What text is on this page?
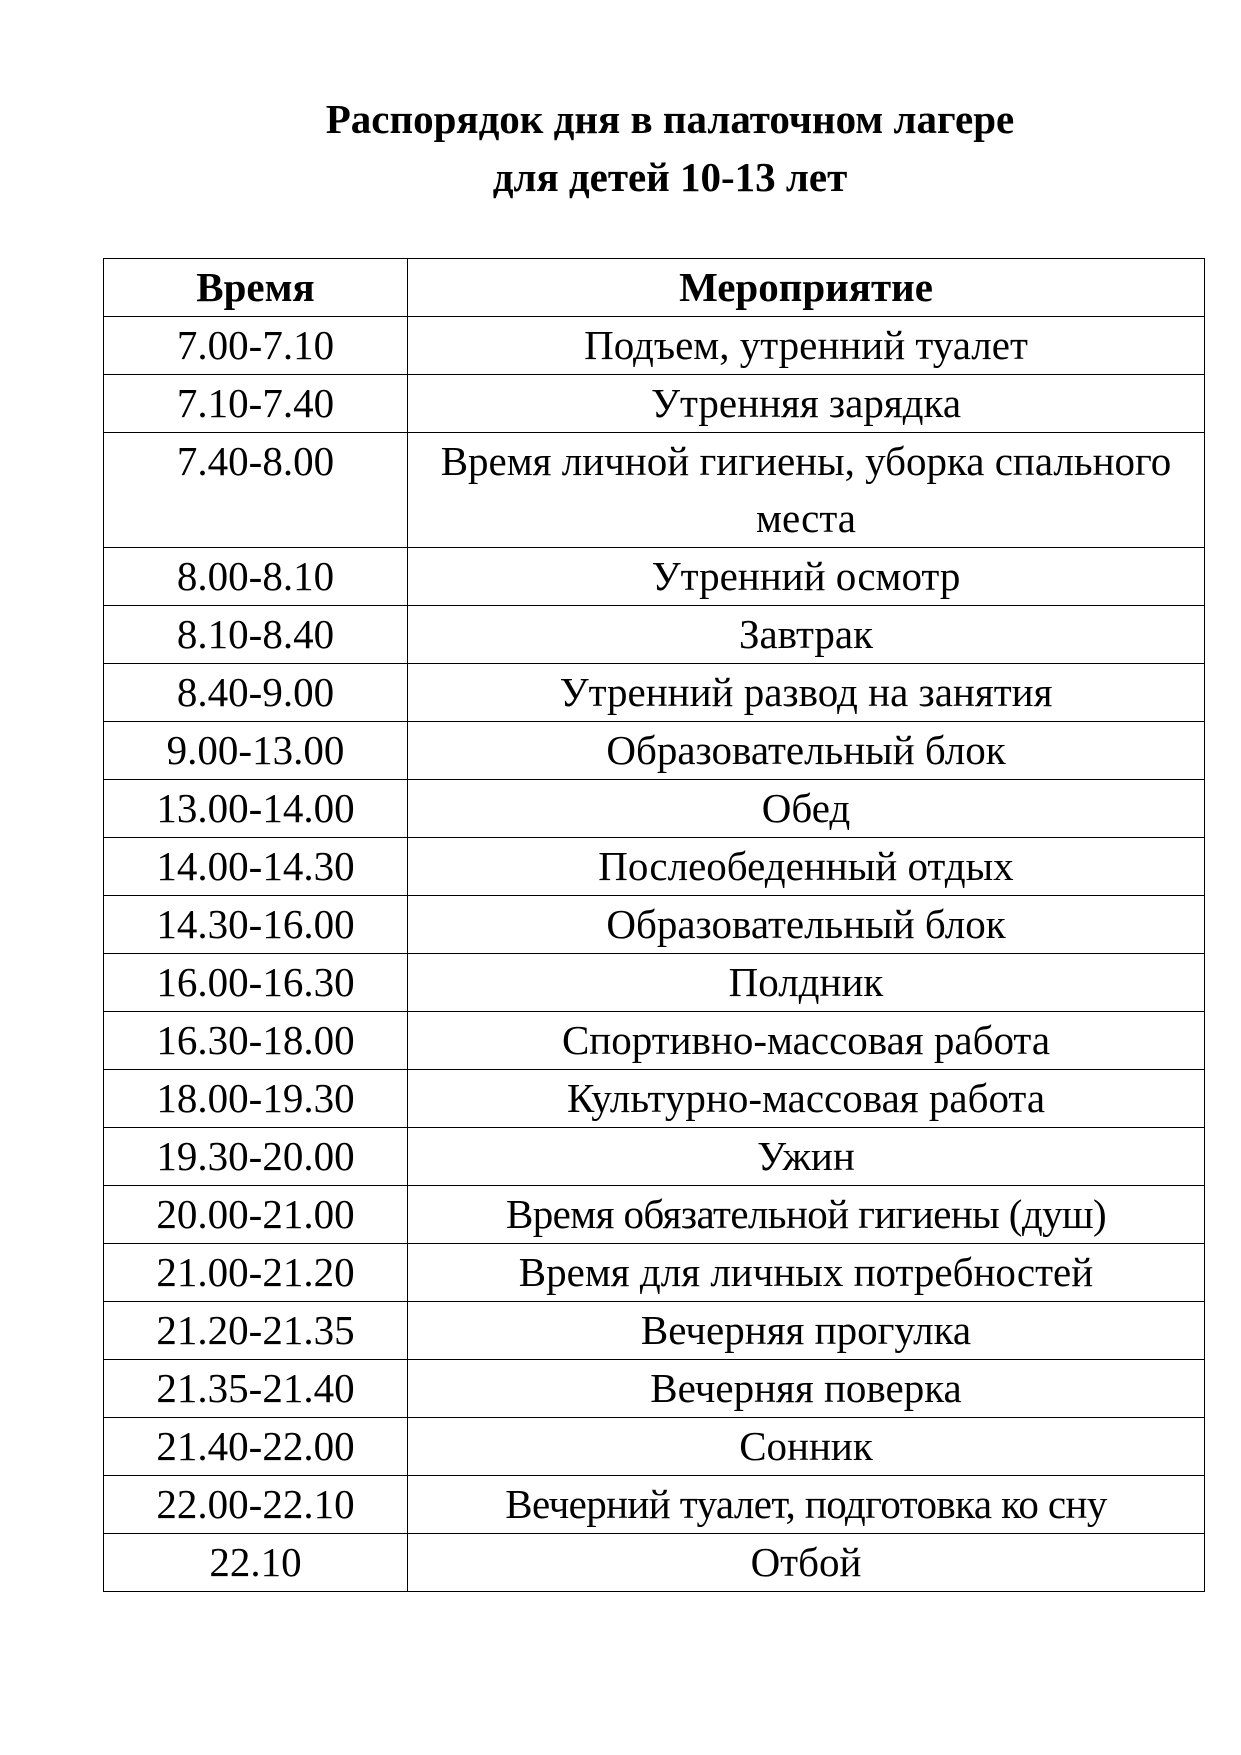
Распорядок дня в палаточном лагере
для детей 10-13 лет
Время	Мероприятие
7.00-7.10	Подъем, утренний туалет
7.10-7.40	Утренняя зарядка
7.40-8.00	Время личной гигиены, уборка спального места
8.00-8.10	Утренний осмотр
8.10-8.40	Завтрак
8.40-9.00	Утренний развод на занятия
9.00-13.00	Образовательный блок
13.00-14.00	Обед
14.00-14.30	Послеобеденный отдых
14.30-16.00	Образовательный блок
16.00-16.30	Полдник
16.30-18.00	Спортивно-массовая работа
18.00-19.30	Культурно-массовая работа
19.30-20.00	Ужин
20.00-21.00	Время обязательной гигиены (душ)
21.00-21.20	Время для личных потребностей
21.20-21.35	Вечерняя прогулка
21.35-21.40	Вечерняя поверка
21.40-22.00	Сонник
22.00-22.10	Вечерний туалет, подготовка ко сну
22.10	Отбой
